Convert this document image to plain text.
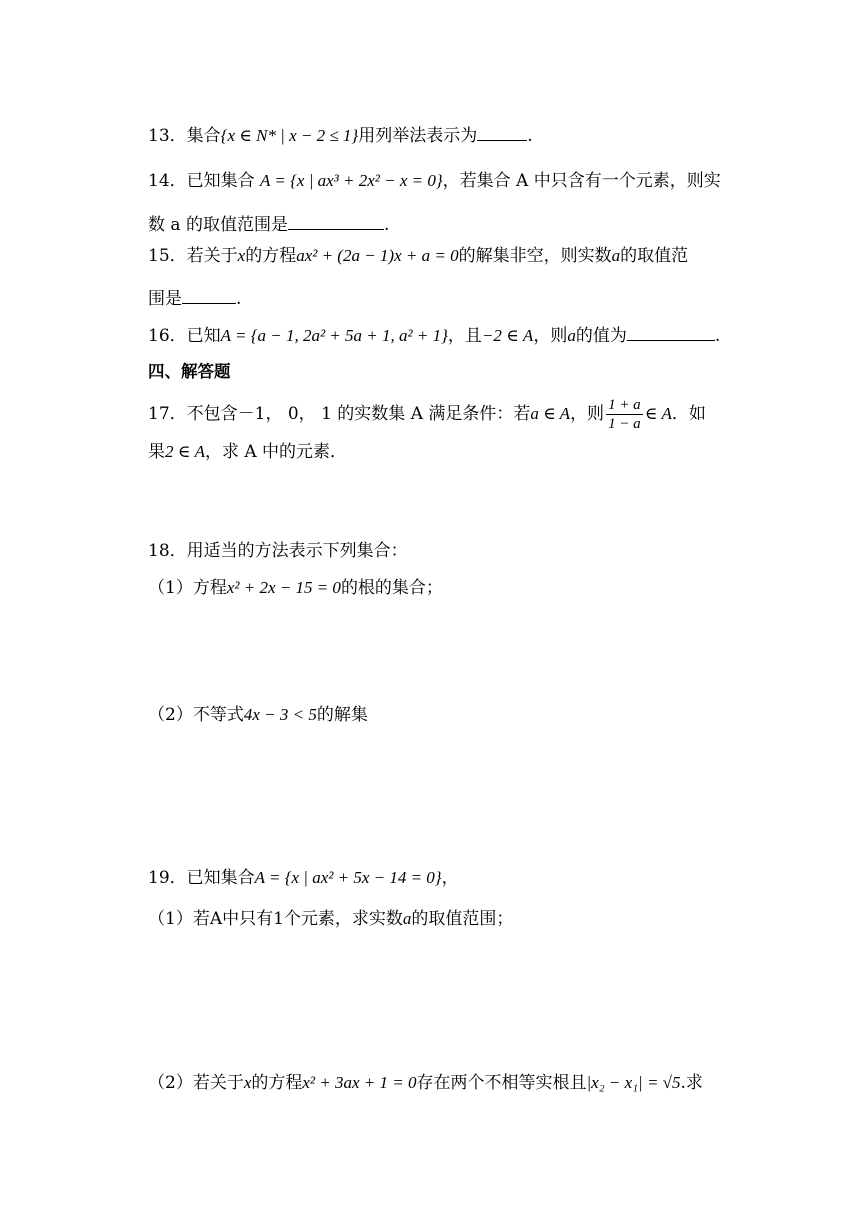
13．集合{x ∈ N* | x − 2 ≤ 1}用列举法表示为	.
14．已知集合 A = {x | ax³ + 2x² − x = 0}，若集合 A 中只含有一个元素，则实
数 a 的取值范围是	.
15．若关于x的方程ax² + (2a − 1)x + a = 0的解集非空，则实数a的取值范
围是	.
16．已知A = {a − 1, 2a² + 5a + 1, a² + 1}，且−2 ∈ A，则a的值为	.
四、解答题
17．不包含－1， 0， 1 的实数集 A 满足条件：若a ∈ A，则 $\frac{1 + a}{1 - a}$ ∈ A．如
果2 ∈ A，求 A 中的元素．
18．用适当的方法表示下列集合：
（1）方程x² + 2x − 15 = 0的根的集合；
（2）不等式4x − 3 < 5的解集
19．已知集合A = {x | ax² + 5x − 14 = 0}，
（1）若A中只有1个元素，求实数a的取值范围；
（2）若关于x的方程x² + 3ax + 1 = 0存在两个不相等实根且|x₂ − x₁| = √5.求
